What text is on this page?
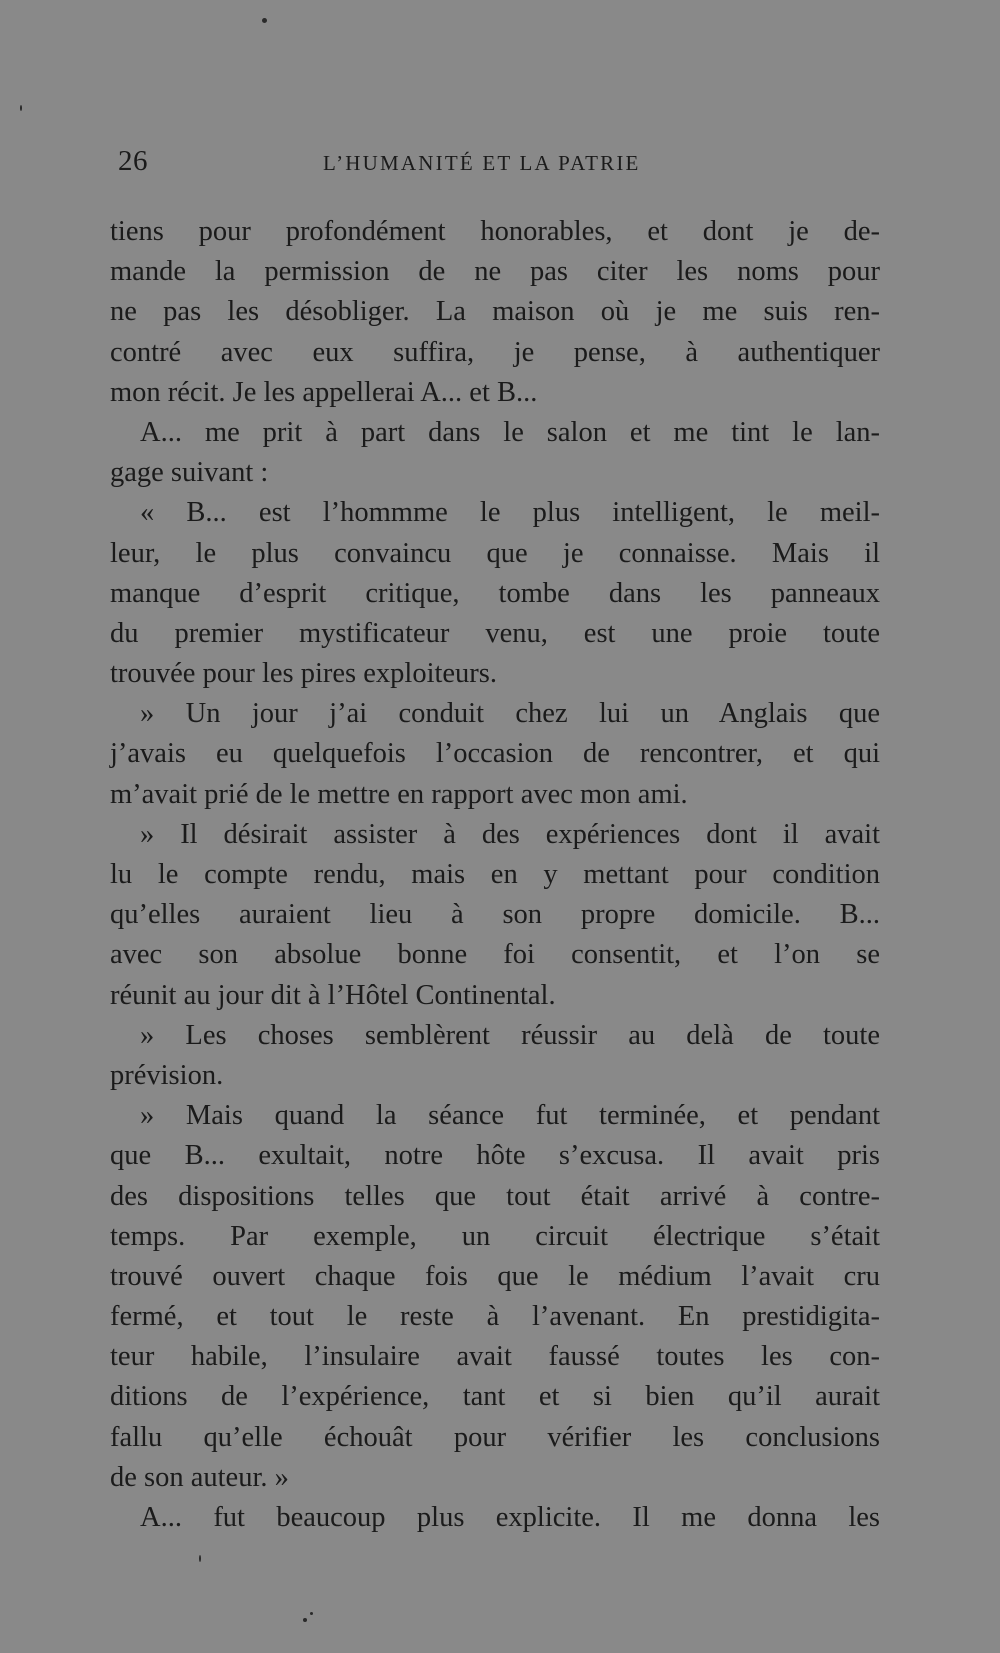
26	L’HUMANITÉ ET LA PATRIE
tiens pour profondément honorables, et dont je de-
mande la permission de ne pas citer les noms pour
ne pas les désobliger. La maison où je me suis ren-
contré avec eux suffira, je pense, à authentiquer
mon récit. Je les appellerai A... et B...
A... me prit à part dans le salon et me tint le lan-
gage suivant :
« B... est l’hommme le plus intelligent, le meil-
leur, le plus convaincu que je connaisse. Mais il
manque d’esprit critique, tombe dans les panneaux
du premier mystificateur venu, est une proie toute
trouvée pour les pires exploiteurs.
» Un jour j’ai conduit chez lui un Anglais que
j’avais eu quelquefois l’occasion de rencontrer, et qui
m’avait prié de le mettre en rapport avec mon ami.
» Il désirait assister à des expériences dont il avait
lu le compte rendu, mais en y mettant pour condition
qu’elles auraient lieu à son propre domicile. B...
avec son absolue bonne foi consentit, et l’on se
réunit au jour dit à l’Hôtel Continental.
» Les choses semblèrent réussir au delà de toute
prévision.
» Mais quand la séance fut terminée, et pendant
que B... exultait, notre hôte s’excusa. Il avait pris
des dispositions telles que tout était arrivé à contre-
temps. Par exemple, un circuit électrique s’était
trouvé ouvert chaque fois que le médium l’avait cru
fermé, et tout le reste à l’avenant. En prestidigita-
teur habile, l’insulaire avait faussé toutes les con-
ditions de l’expérience, tant et si bien qu’il aurait
fallu qu’elle échouât pour vérifier les conclusions
de son auteur. »
A... fut beaucoup plus explicite. Il me donna les
